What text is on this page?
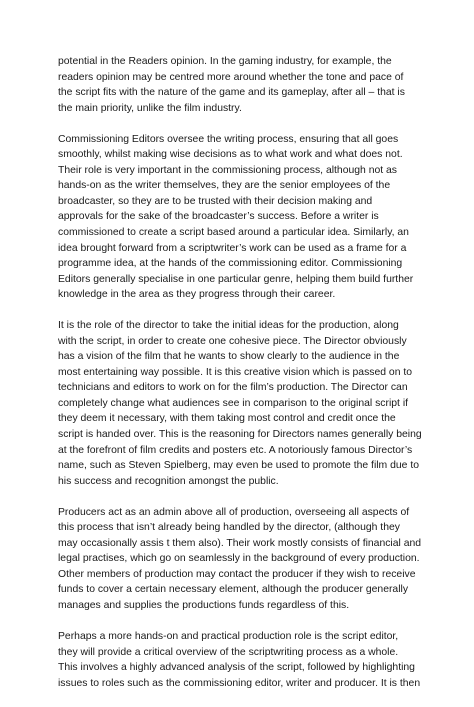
potential in the Readers opinion. In the gaming industry, for example, the
readers opinion may be centred more around whether the tone and pace of
the script fits with the nature of the game and its gameplay, after all – that is
the main priority, unlike the film industry.
Commissioning Editors oversee the writing process, ensuring that all goes
smoothly, whilst making wise decisions as to what work and what does not.
Their role is very important in the commissioning process, although not as
hands-on as the writer themselves, they are the senior employees of the
broadcaster, so they are to be trusted with their decision making and
approvals for the sake of the broadcaster’s success. Before a writer is
commissioned to create a script based around a particular idea. Similarly, an
idea brought forward from a scriptwriter’s work can be used as a frame for a
programme idea, at the hands of the commissioning editor. Commissioning
Editors generally specialise in one particular genre, helping them build further
knowledge in the area as they progress through their career.
It is the role of the director to take the initial ideas for the production, along
with the script, in order to create one cohesive piece. The Director obviously
has a vision of the film that he wants to show clearly to the audience in the
most entertaining way possible. It is this creative vision which is passed on to
technicians and editors to work on for the film’s production. The Director can
completely change what audiences see in comparison to the original script if
they deem it necessary, with them taking most control and credit once the
script is handed over. This is the reasoning for Directors names generally being
at the forefront of film credits and posters etc. A notoriously famous Director’s
name, such as Steven Spielberg, may even be used to promote the film due to
his success and recognition amongst the public.
Producers act as an admin above all of production, overseeing all aspects of
this process that isn’t already being handled by the director, (although they
may occasionally assis t them also). Their work mostly consists of financial and
legal practises, which go on seamlessly in the background of every production.
Other members of production may contact the producer if they wish to receive
funds to cover a certain necessary element, although the producer generally
manages and supplies the productions funds regardless of this.
Perhaps a more hands-on and practical production role is the script editor,
they will provide a critical overview of the scriptwriting process as a whole.
This involves a highly advanced analysis of the script, followed by highlighting
issues to roles such as the commissioning editor, writer and producer. It is then
